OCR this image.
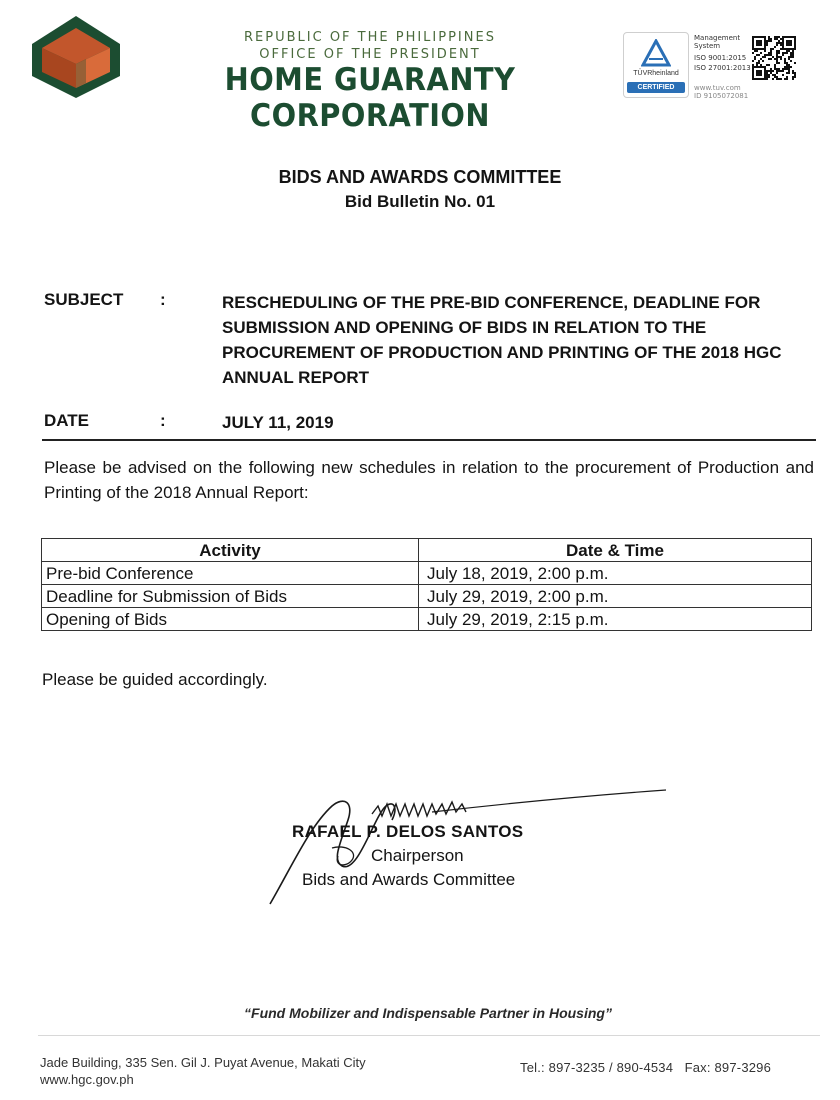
REPUBLIC OF THE PHILIPPINES
OFFICE OF THE PRESIDENT
HOME GUARANTY CORPORATION
TÜVRheinland
CERTIFIED
Management
System
ISO 9001:2015
ISO 27001:2013
www.tuv.com
ID 9105072081
BIDS AND AWARDS COMMITTEE
Bid Bulletin No. 01
SUBJECT :	RESCHEDULING OF THE PRE-BID CONFERENCE, DEADLINE FOR SUBMISSION AND OPENING OF BIDS IN RELATION TO THE PROCUREMENT OF PRODUCTION AND PRINTING OF THE 2018 HGC ANNUAL REPORT
DATE	:	JULY 11, 2019
Please be advised on the following new schedules in relation to the procurement of Production and Printing of the 2018 Annual Report:
Activity	Date & Time
Pre-bid Conference	July 18, 2019, 2:00 p.m.
Deadline for Submission of Bids	July 29, 2019, 2:00 p.m.
Opening of Bids	July 29, 2019, 2:15 p.m.
Please be guided accordingly.
RAFAEL P. DELOS SANTOS
Chairperson
Bids and Awards Committee
“Fund Mobilizer and Indispensable Partner in Housing”
Jade Building, 335 Sen. Gil J. Puyat Avenue, Makati City
www.hgc.gov.ph
Tel.: 897-3235 / 890-4534   Fax: 897-3296
